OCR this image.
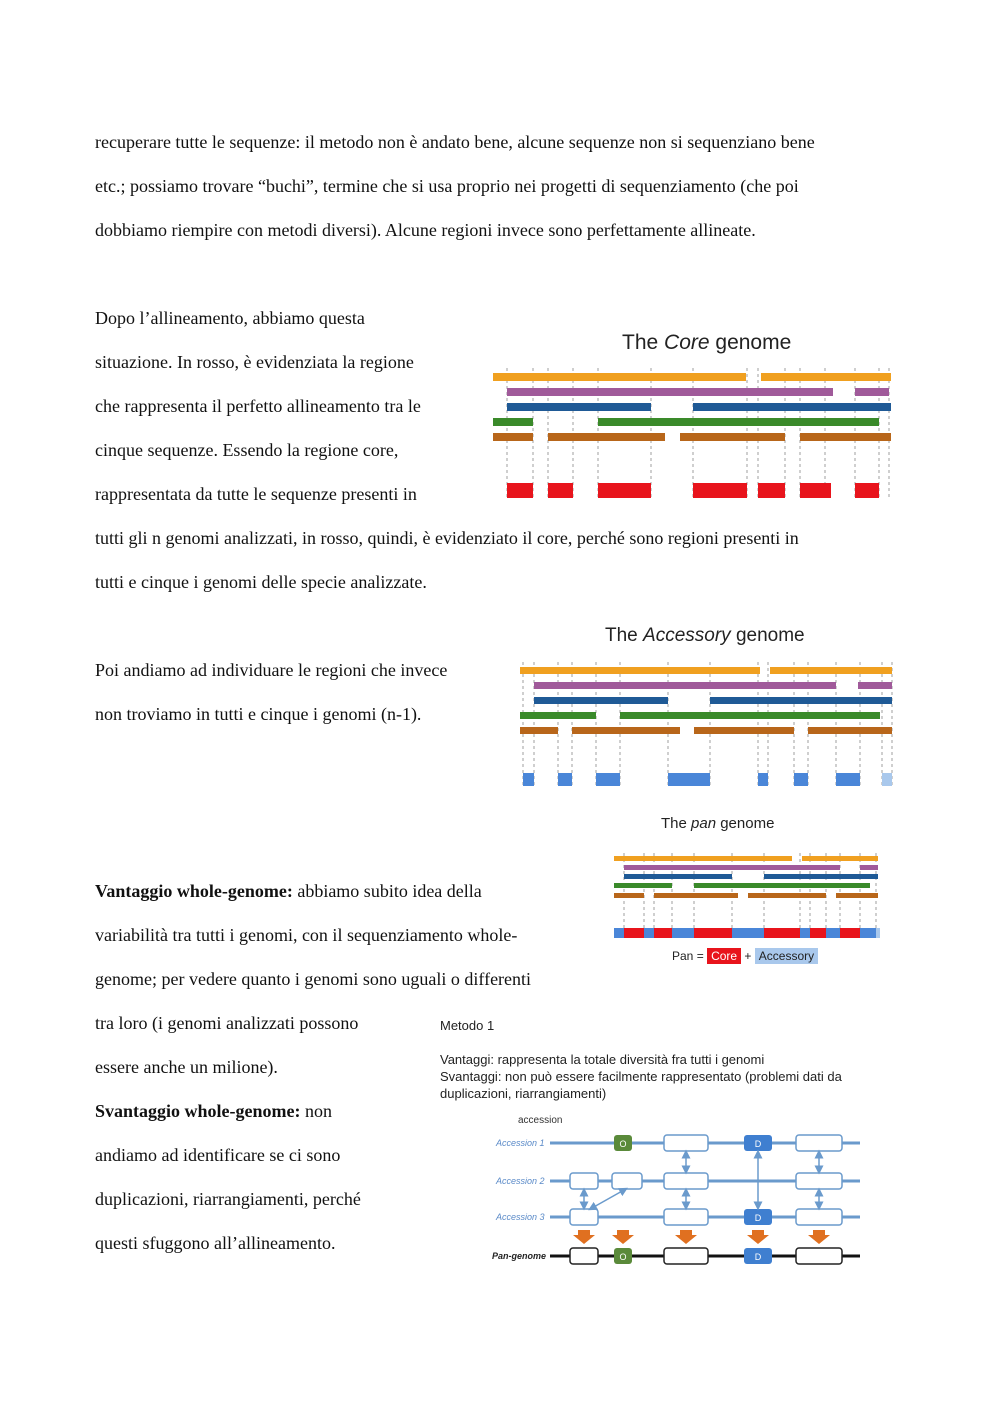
recuperare tutte le sequenze: il metodo non è andato bene, alcune sequenze non si sequenziano bene
etc.; possiamo trovare “buchi”, termine che si usa proprio nei progetti di sequenziamento (che poi
dobbiamo riempire con metodi diversi). Alcune regioni invece sono perfettamente allineate.
Dopo l’allineamento, abbiamo questa
situazione. In rosso, è evidenziata la regione
che rappresenta il perfetto allineamento tra le
cinque sequenze. Essendo la regione core,
rappresentata da tutte le sequenze presenti in
tutti gli n genomi analizzati, in rosso, quindi, è evidenziato il core, perché sono regioni presenti in
tutti e cinque i genomi delle specie analizzate.
The Core genome
Poi andiamo ad individuare le regioni che invece
non troviamo in tutti e cinque i genomi (n-1).
The Accessory genome
The pan genome
Pan = Core + Accessory
Vantaggio whole-genome: abbiamo subito idea della
variabilità tra tutti i genomi, con il sequenziamento whole-
genome; per vedere quanto i genomi sono uguali o differenti
tra loro (i genomi analizzati possono
essere anche un milione).
Svantaggio whole-genome: non
andiamo ad identificare se ci sono
duplicazioni, riarrangiamenti, perché
questi sfuggono all’allineamento.
Metodo 1
Vantaggi: rappresenta la totale diversità fra tutti i genomi
Svantaggi: non può essere facilmente rappresentato (problemi dati da
duplicazioni, riarrangiamenti)
accession
Accession 1
Accession 2
Accession 3
Pan-genome
O	D
D
O	D
